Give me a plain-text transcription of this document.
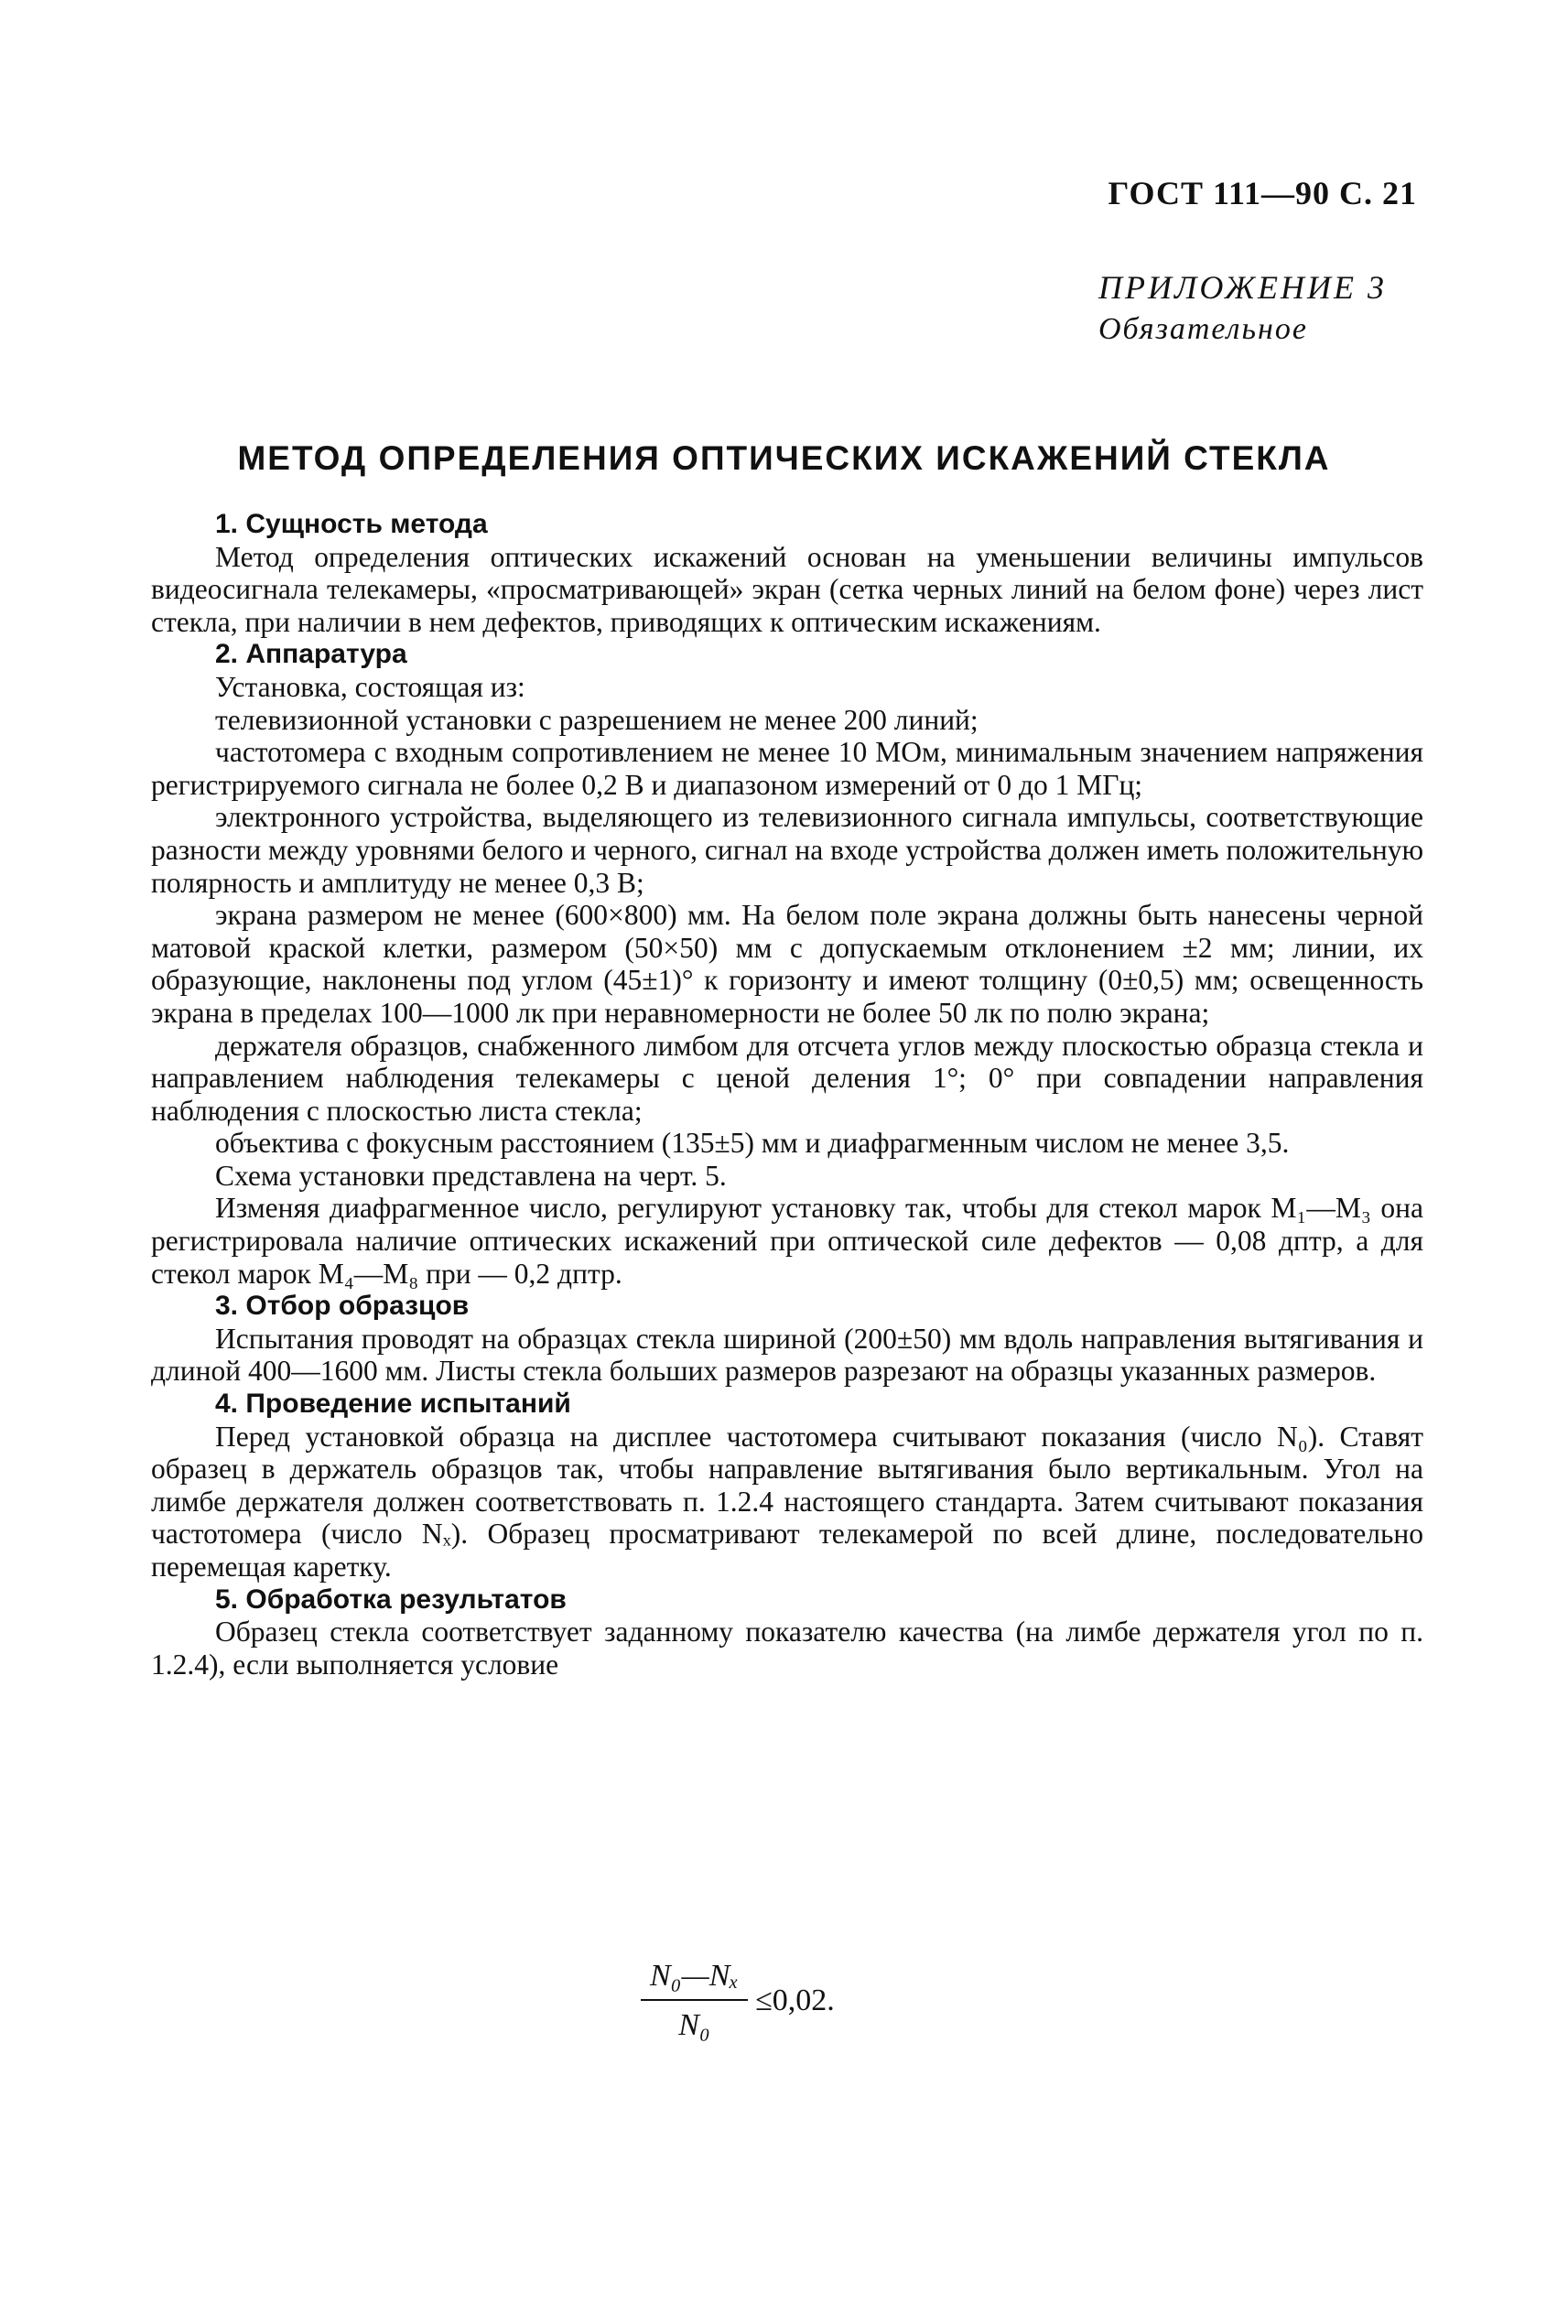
ГОСТ 111—90 С. 21
ПРИЛОЖЕНИЕ 3
Обязательное
МЕТОД ОПРЕДЕЛЕНИЯ ОПТИЧЕСКИХ ИСКАЖЕНИЙ СТЕКЛА

1. Сущность метода

Метод определения оптических искажений основан на уменьшении величины импульсов видеосигнала телекамеры, «просматривающей» экран (сетка черных линий на белом фоне) через лист стекла, при наличии в нем дефектов, приводящих к оптическим искажениям.

2. Аппаратура

Установка, состоящая из:

телевизионной установки с разрешением не менее 200 линий;

частотомера с входным сопротивлением не менее 10 МОм, минимальным значением напряжения регистрируемого сигнала не более 0,2 В и диапазоном измерений от 0 до 1 МГц;

электронного устройства, выделяющего из телевизионного сигнала импульсы, соответствующие разности между уровнями белого и черного, сигнал на входе устройства должен иметь положительную полярность и амплитуду не менее 0,3 В;

экрана размером не менее (600×800) мм. На белом поле экрана должны быть нанесены черной матовой краской клетки, размером (50×50) мм с допускаемым отклонением ±2 мм; линии, их образующие, наклонены под углом (45±1)° к горизонту и имеют толщину (0±0,5) мм; освещенность экрана в пределах 100—1000 лк при неравномерности не более 50 лк по полю экрана;

держателя образцов, снабженного лимбом для отсчета углов между плоскостью образца стекла и направлением наблюдения телекамеры с ценой деления 1°; 0° при совпадении направления наблюдения с плоскостью листа стекла;

объектива с фокусным расстоянием (135±5) мм и диафрагменным числом не менее 3,5.

Схема установки представлена на черт. 5.

Изменяя диафрагменное число, регулируют установку так, чтобы для стекол марок М₁—М₃ она регистрировала наличие оптических искажений при оптической силе дефектов — 0,08 дптр, а для стекол марок М₄—М₈ при — 0,2 дптр.

3. Отбор образцов

Испытания проводят на образцах стекла шириной (200±50) мм вдоль направления вытягивания и длиной 400—1600 мм. Листы стекла больших размеров разрезают на образцы указанных размеров.

4. Проведение испытаний

Перед установкой образца на дисплее частотомера считывают показания (число N₀). Ставят образец в держатель образцов так, чтобы направление вытягивания было вертикальным. Угол на лимбе держателя должен соответствовать п. 1.2.4 настоящего стандарта. Затем считывают показания частотомера (число Nₓ). Образец просматривают телекамерой по всей длине, последовательно перемещая каретку.

5. Обработка результатов

Образец стекла соответствует заданному показателю качества (на лимбе держателя угол по п. 1.2.4), если выполняется условие

$\frac{\text{N₀—Nₓ}}{\text{N₀}} \le 0,02$.
